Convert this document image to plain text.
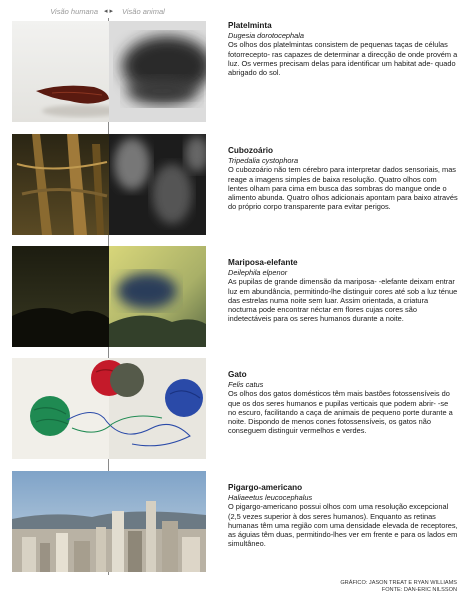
Visão humana ◂ ▸ Visão animal

Platelminta

Dugesia dorotocephala

Os olhos dos platelmintas consistem de pequenas taças de células fotorrecepto- ras capazes de determinar a direcção de onde provém a luz. Os vermes precisam delas para identificar um habitat ade- quado abrigado do sol.

Cubozoário

Tripedalia cystophora

O cubozoário não tem cérebro para interpretar dados sensoriais, mas reage a imagens simples de baixa resolução. Quatro olhos com lentes olham para cima em busca das sombras do mangue onde o alimento abunda. Quatro olhos adicionais apontam para baixo através do próprio corpo transparente para evitar perigos.

Mariposa-elefante

Deilephila elpenor

As pupilas de grande dimensão da mariposa- -elefante deixam entrar luz em abundância, permitindo-lhe distinguir cores até sob a luz ténue das estrelas numa noite sem luar. Assim orientada, a criatura nocturna pode encontrar néctar em flores cujas cores são indetectáveis para os seres humanos durante a noite.

Gato

Felis catus

Os olhos dos gatos domésticos têm mais bastões fotossensíveis do que os dos seres humanos e pupilas verticais que podem abrir- -se no escuro, facilitando a caça de animais de pequeno porte durante a noite. Dispondo de menos cones fotossensíveis, os gatos não conseguem distinguir vermelhos e verdes.

Pigargo-americano

Haliaeetus leucocephalus

O pigargo-americano possui olhos com uma resolução excepcional (2,5 vezes superior à dos seres humanos). Enquanto as retinas humanas têm uma região com uma densidade elevada de receptores, as águias têm duas, permitindo-lhes ver em frente e para os lados em simultâneo.

GRÁFICO: JASON TREAT E RYAN WILLIAMS
FONTE: DAN-ERIC NILSSON
